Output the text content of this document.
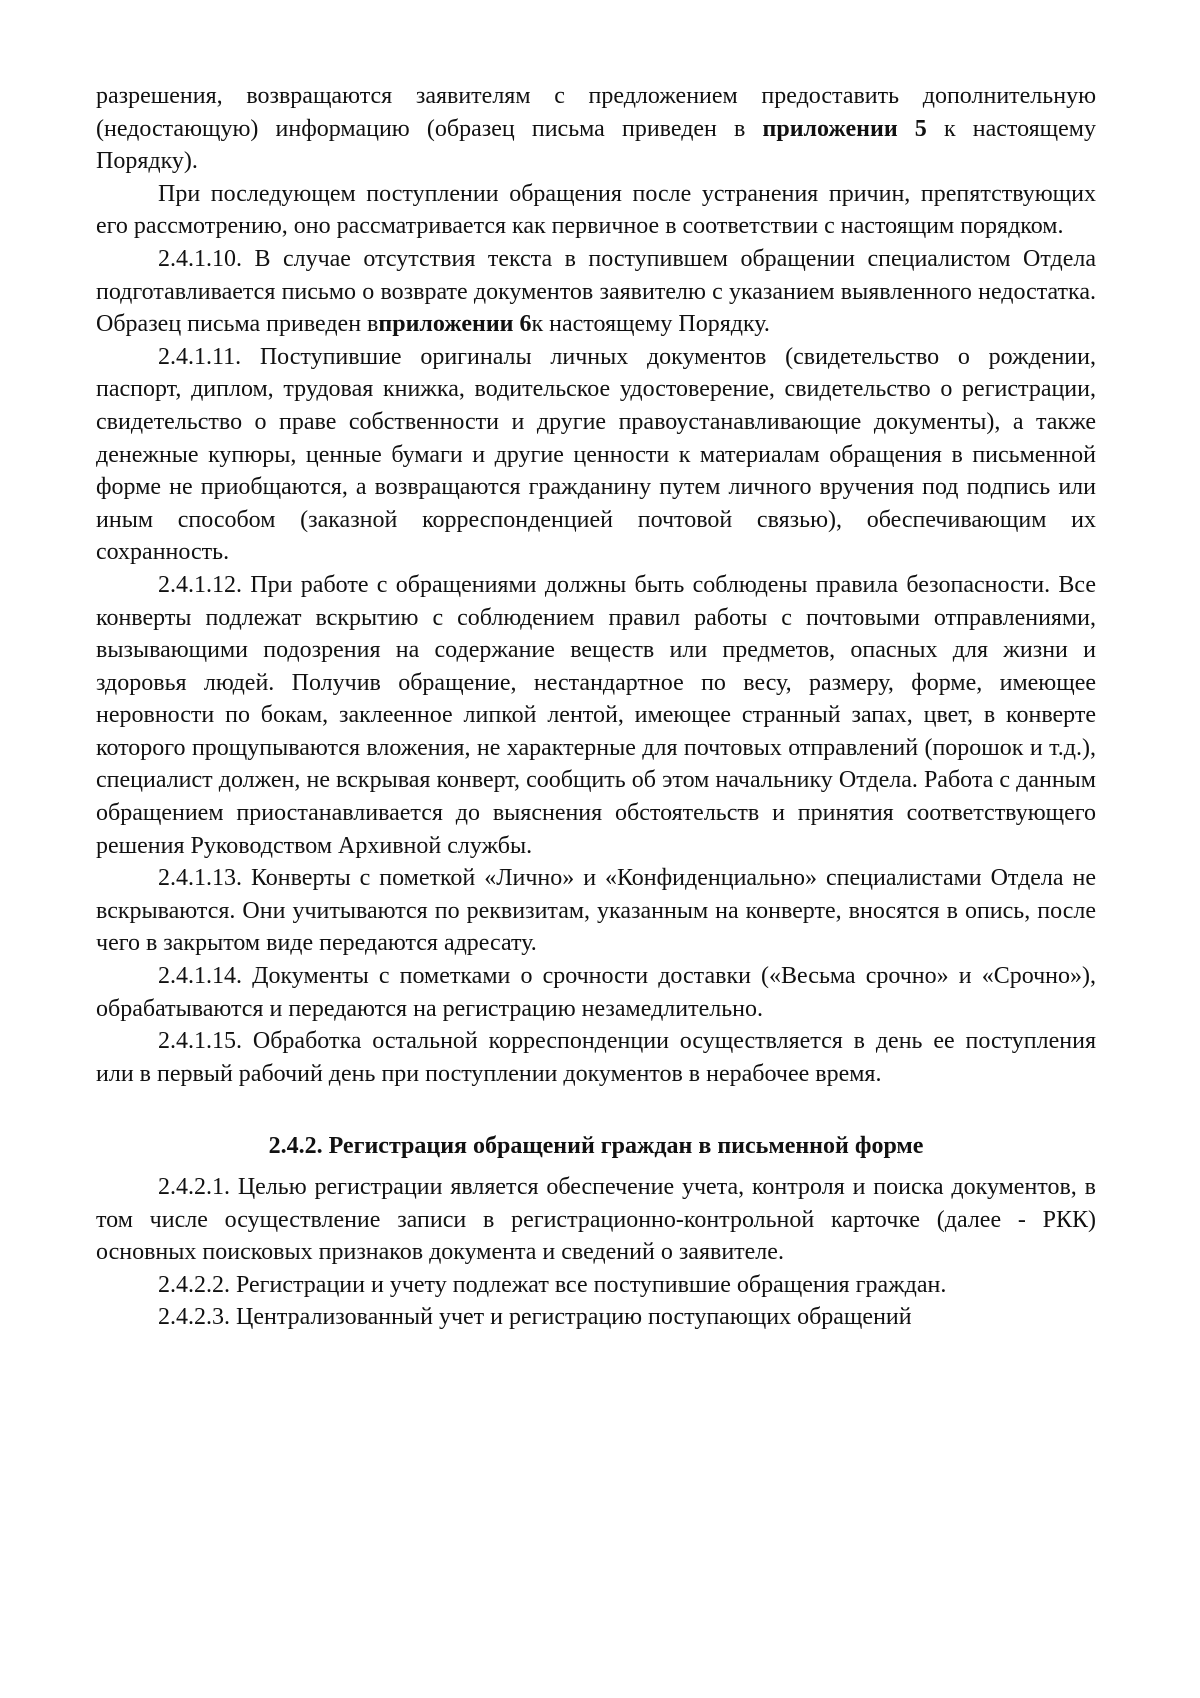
разрешения, возвращаются заявителям с предложением предоставить дополнительную (недостающую) информацию (образец письма приведен в приложении 5 к настоящему Порядку).

При последующем поступлении обращения после устранения причин, препятствующих его рассмотрению, оно рассматривается как первичное в соответствии с настоящим порядком.

2.4.1.10. В случае отсутствия текста в поступившем обращении специалистом Отдела подготавливается письмо о возврате документов заявителю с указанием выявленного недостатка. Образец письма приведен вприложении 6к настоящему Порядку.

2.4.1.11. Поступившие оригиналы личных документов (свидетельство о рождении, паспорт, диплом, трудовая книжка, водительское удостоверение, свидетельство о регистрации, свидетельство о праве собственности и другие правоустанавливающие документы), а также денежные купюры, ценные бумаги и другие ценности к материалам обращения в письменной форме не приобщаются, а возвращаются гражданину путем личного вручения под подпись или иным способом (заказной корреспонденцией почтовой связью), обеспечивающим их сохранность.

2.4.1.12. При работе с обращениями должны быть соблюдены правила безопасности. Все конверты подлежат вскрытию с соблюдением правил работы с почтовыми отправлениями, вызывающими подозрения на содержание веществ или предметов, опасных для жизни и здоровья людей. Получив обращение, нестандартное по весу, размеру, форме, имеющее неровности по бокам, заклеенное липкой лентой, имеющее странный запах, цвет, в конверте которого прощупываются вложения, не характерные для почтовых отправлений (порошок и т.д.), специалист должен, не вскрывая конверт, сообщить об этом начальнику Отдела. Работа с данным обращением приостанавливается до выяснения обстоятельств и принятия соответствующего решения Руководством Архивной службы.

2.4.1.13. Конверты с пометкой «Лично» и «Конфиденциально» специалистами Отдела не вскрываются. Они учитываются по реквизитам, указанным на конверте, вносятся в опись, после чего в закрытом виде передаются адресату.

2.4.1.14. Документы с пометками о срочности доставки («Весьма срочно» и «Срочно»), обрабатываются и передаются на регистрацию незамедлительно.

2.4.1.15. Обработка остальной корреспонденции осуществляется в день ее поступления или в первый рабочий день при поступлении документов в нерабочее время.

2.4.2. Регистрация обращений граждан в письменной форме

2.4.2.1. Целью регистрации является обеспечение учета, контроля и поиска документов, в том числе осуществление записи в регистрационно-контрольной карточке (далее - РКК) основных поисковых признаков документа и сведений о заявителе.

2.4.2.2. Регистрации и учету подлежат все поступившие обращения граждан.

2.4.2.3. Централизованный учет и регистрацию поступающих обращений
